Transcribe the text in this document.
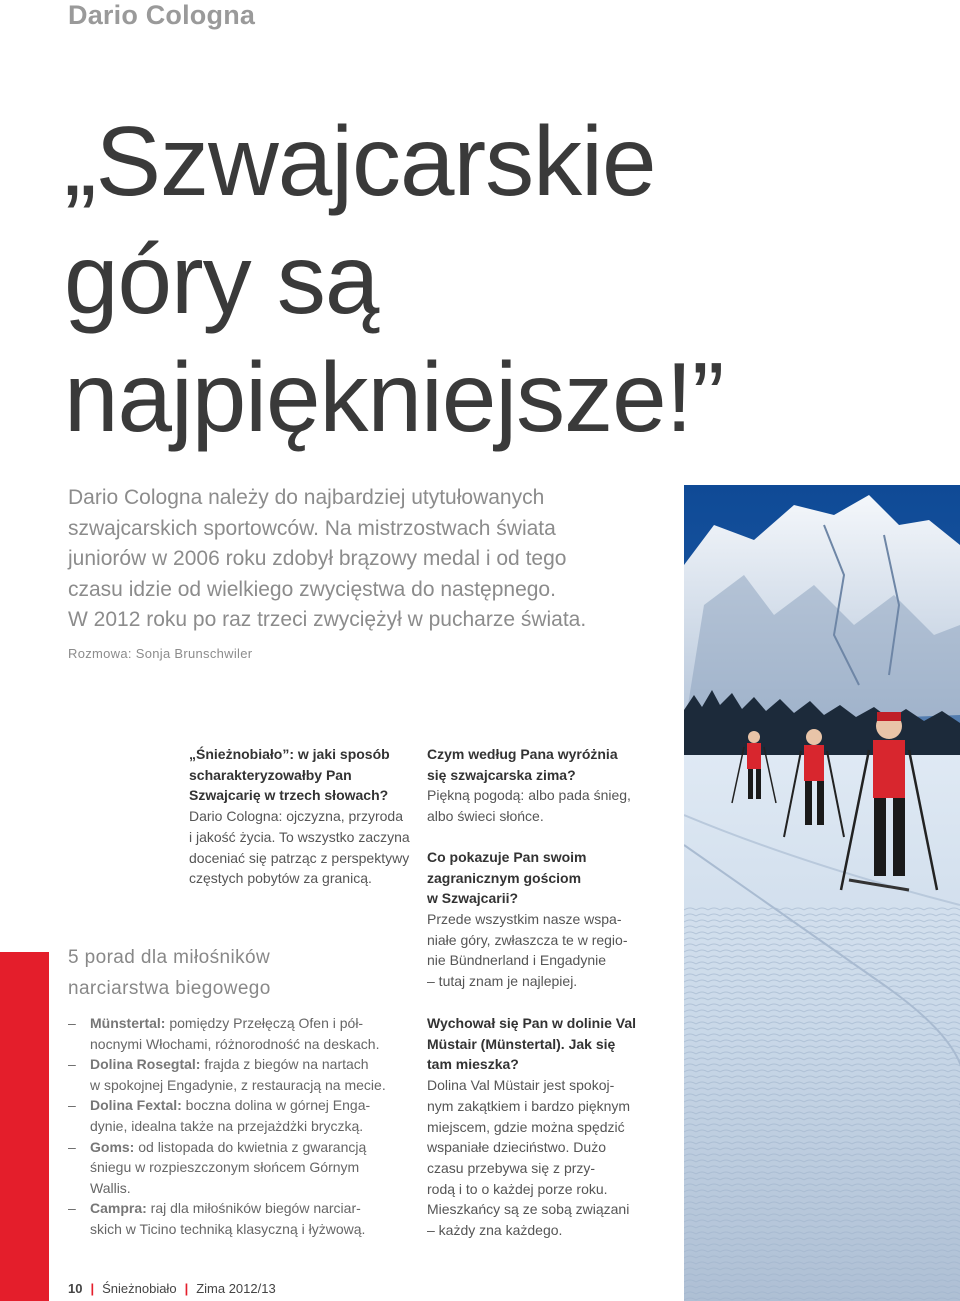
Dario Cologna
„Szwajcarskie
góry są
najpiękniejsze!”
Dario Cologna należy do najbardziej utytułowanych
szwajcarskich sportowców. Na mistrzostwach świata
juniorów w 2006 roku zdobył brązowy medal i od tego
czasu idzie od wielkiego zwycięstwa do następnego.
W 2012 roku po raz trzeci zwyciężył w pucharze świata.
Rozmowa: Sonja Brunschwiler
„Śnieżnobiało”: w jaki sposób
scharakteryzowałby Pan
Szwajcarię w trzech słowach?
Dario Cologna: ojczyzna, przyroda
i jakość życia. To wszystko zaczyna
doceniać się patrząc z perspektywy
częstych pobytów za granicą.
Czym według Pana wyróżnia
się szwajcarska zima?
Piękną pogodą: albo pada śnieg,
albo świeci słońce.
Co pokazuje Pan swoim
zagranicznym gościom
w Szwajcarii?
Przede wszystkim nasze wspa-
niałe góry, zwłaszcza te w regio-
nie Bündnerland i Engadynie
– tutaj znam je najlepiej.
Wychował się Pan w dolinie Val
Müstair (Münstertal). Jak się
tam mieszka?
Dolina Val Müstair jest spokoj-
nym zakątkiem i bardzo pięknym
miejscem, gdzie można spędzić
wspaniałe dzieciństwo. Dużo
czasu przebywa się z przy-
rodą i to o każdej porze roku.
Mieszkańcy są ze sobą związani
– każdy zna każdego.
5 porad dla miłośników
narciarstwa biegowego
– Münstertal: pomiędzy Przełęczą Ofen i pół-
nocnymi Włochami, różnorodność na deskach.
– Dolina Rosegtal: frajda z biegów na nartach
w spokojnej Engadynie, z restauracją na mecie.
– Dolina Fextal: boczna dolina w górnej Enga-
dynie, idealna także na przejażdżki bryczką.
– Goms: od listopada do kwietnia z gwarancją
śniegu w rozpieszczonym słońcem Górnym
Wallis.
– Campra: raj dla miłośników biegów narciar-
skich w Ticino techniką klasyczną i łyżwową.
10 | Śnieżnobiało | Zima 2012/13
